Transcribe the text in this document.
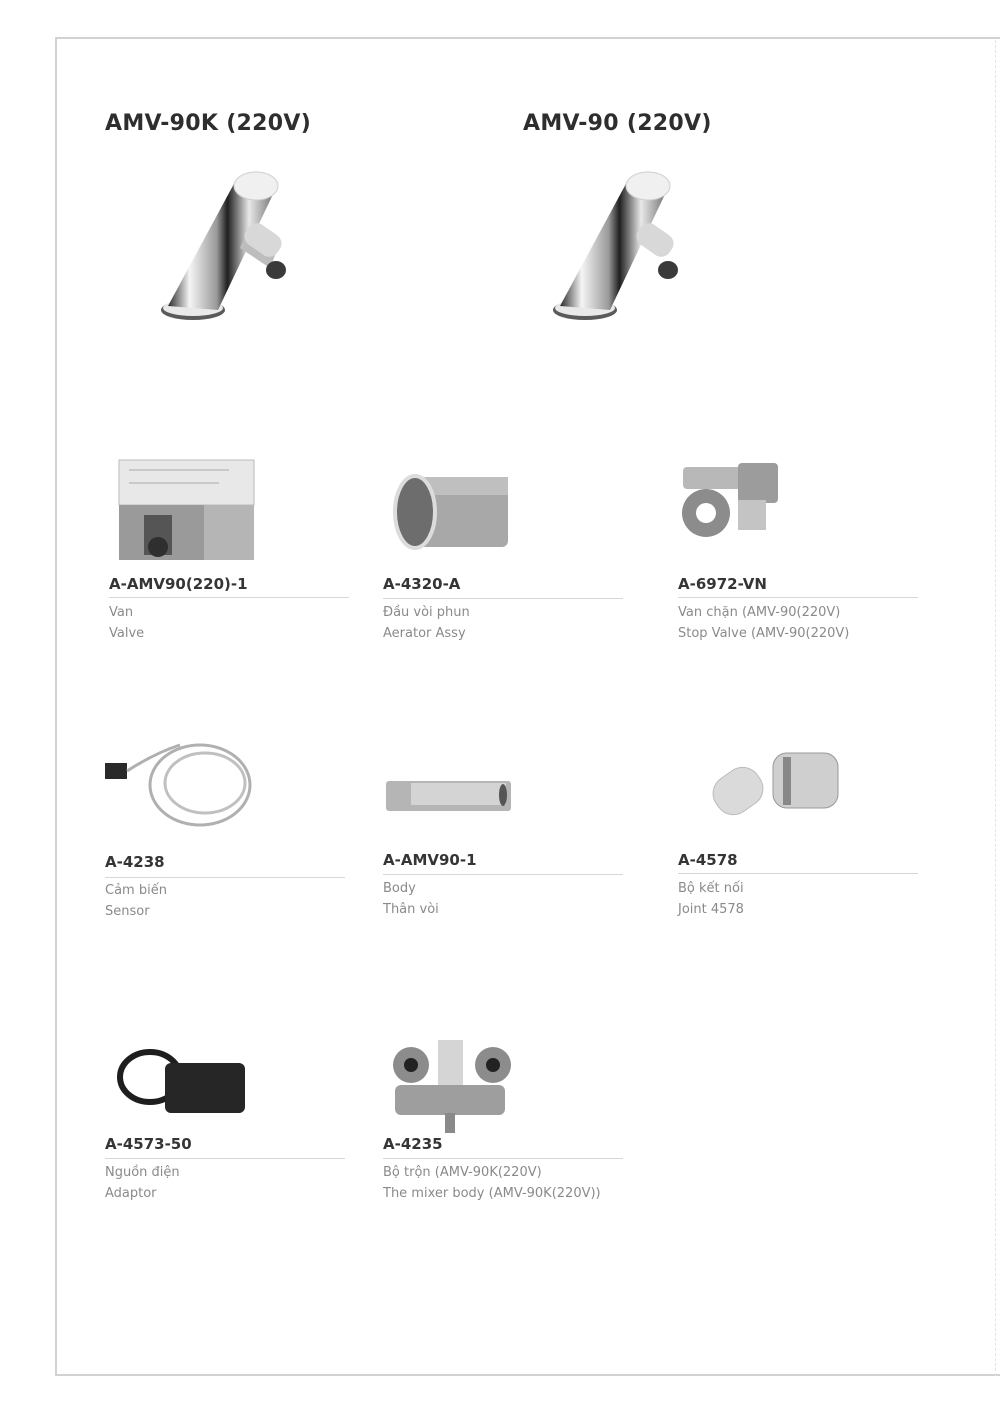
AMV-90K (220V)	AMV-90 (220V)
A-AMV90(220)-1
Van
Valve
A-4320-A
Đầu vòi phun
Aerator Assy
A-6972-VN
Van chặn (AMV-90(220V)
Stop Valve (AMV-90(220V)
A-4238
Cảm biến
Sensor
A-AMV90-1
Body
Thân vòi
A-4578
Bộ kết nối
Joint 4578
A-4573-50
Nguồn điện
Adaptor
A-4235
Bộ trộn (AMV-90K(220V)
The mixer body (AMV-90K(220V))
